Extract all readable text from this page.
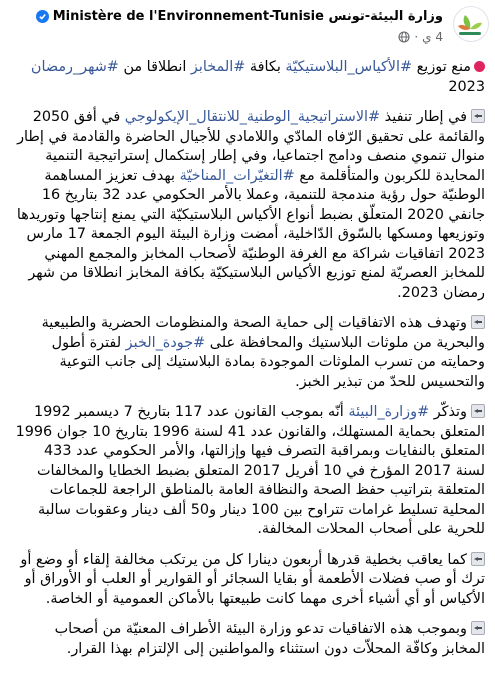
وزارة البيئة-تونس Ministère de l'Environnement-Tunisie
4 ي
·

منع توزيع #الأكياس_البلاستيكيّة بكافة #المخابز انطلاقا من #شهر_رمضان 2023

في إطار تنفيذ #الاستراتيجية_الوطنية_للانتقال_الإيكولوجي في أفق 2050 والقائمة على تحقيق الرّفاه المادّي واللامادي للأجيال الحاضرة والقادمة في إطار منوال تنموي منصف ودامج اجتماعيا، وفي إطار إستكمال إستراتيجية التنمية المحايدة للكربون والمتأقلمة مع #التغيّرات_المناخيّة بهدف تعزيز المساهمة الوطنيّة حول رؤية مندمجة للتنمية، وعملا بالأمر الحكومي عدد 32 بتاريخ 16 جانفي 2020 المتعلّق بضبط أنواع الأكياس البلاستيكيّة التي يمنع إنتاجها وتوريدها وتوزيعها ومسكها بالسّوق الدّاخلية، أمضت وزارة البيئة اليوم الجمعة 17 مارس 2023 اتفاقيات شراكة مع الغرفة الوطنيّة لأصحاب المخابز والمجمع المهني للمخابز العصريّة لمنع توزيع الأكياس البلاستيكيّة بكافة المخابز انطلاقا من شهر رمضان 2023.

وتهدف هذه الاتفاقيات إلى حماية الصحة والمنظومات الحضرية والطبيعية والبحرية من ملوثات البلاستيك والمحافظة على #جودة_الخبز لفترة أطول وحمايته من تسرب الملوثات الموجودة بمادة البلاستيك إلى جانب التوعية والتحسيس للحدّ من تبذير الخبز.

وتذكّر #وزارة_البيئة أنّه بموجب القانون عدد 117 بتاريخ 7 ديسمبر 1992 المتعلق بحماية المستهلك، والقانون عدد 41 لسنة 1996 بتاريخ 10 جوان 1996 المتعلق بالنفايات وبمراقبة التصرف فيها وإزالتها، والأمر الحكومي عدد 433 لسنة 2017 المؤرخ في 10 أفريل 2017 المتعلق بضبط الخطايا والمخالفات المتعلقة بتراتيب حفظ الصحة والنظافة العامة بالمناطق الراجعة للجماعات المحلية تسليط غرامات تتراوح بين 100 دينار و50 ألف دينار وعقوبات سالبة للحرية على أصحاب المحلات المخالفة.

كما يعاقب بخطية قدرها أربعون دينارا كل من يرتكب مخالفة إلقاء أو وضع أو ترك أو صب فضلات الأطعمة أو بقايا السجائر أو القوارير أو العلب أو الأوراق أو الأكياس أو أي أشياء أخرى مهما كانت طبيعتها بالأماكن العمومية أو الخاصة.

وبموجب هذه الاتفاقيات تدعو وزارة البيئة الأطراف المعنيّة من أصحاب المخابز وكافّة المحلاّت دون استثناء والمواطنين إلى الإلتزام بهذا القرار.
